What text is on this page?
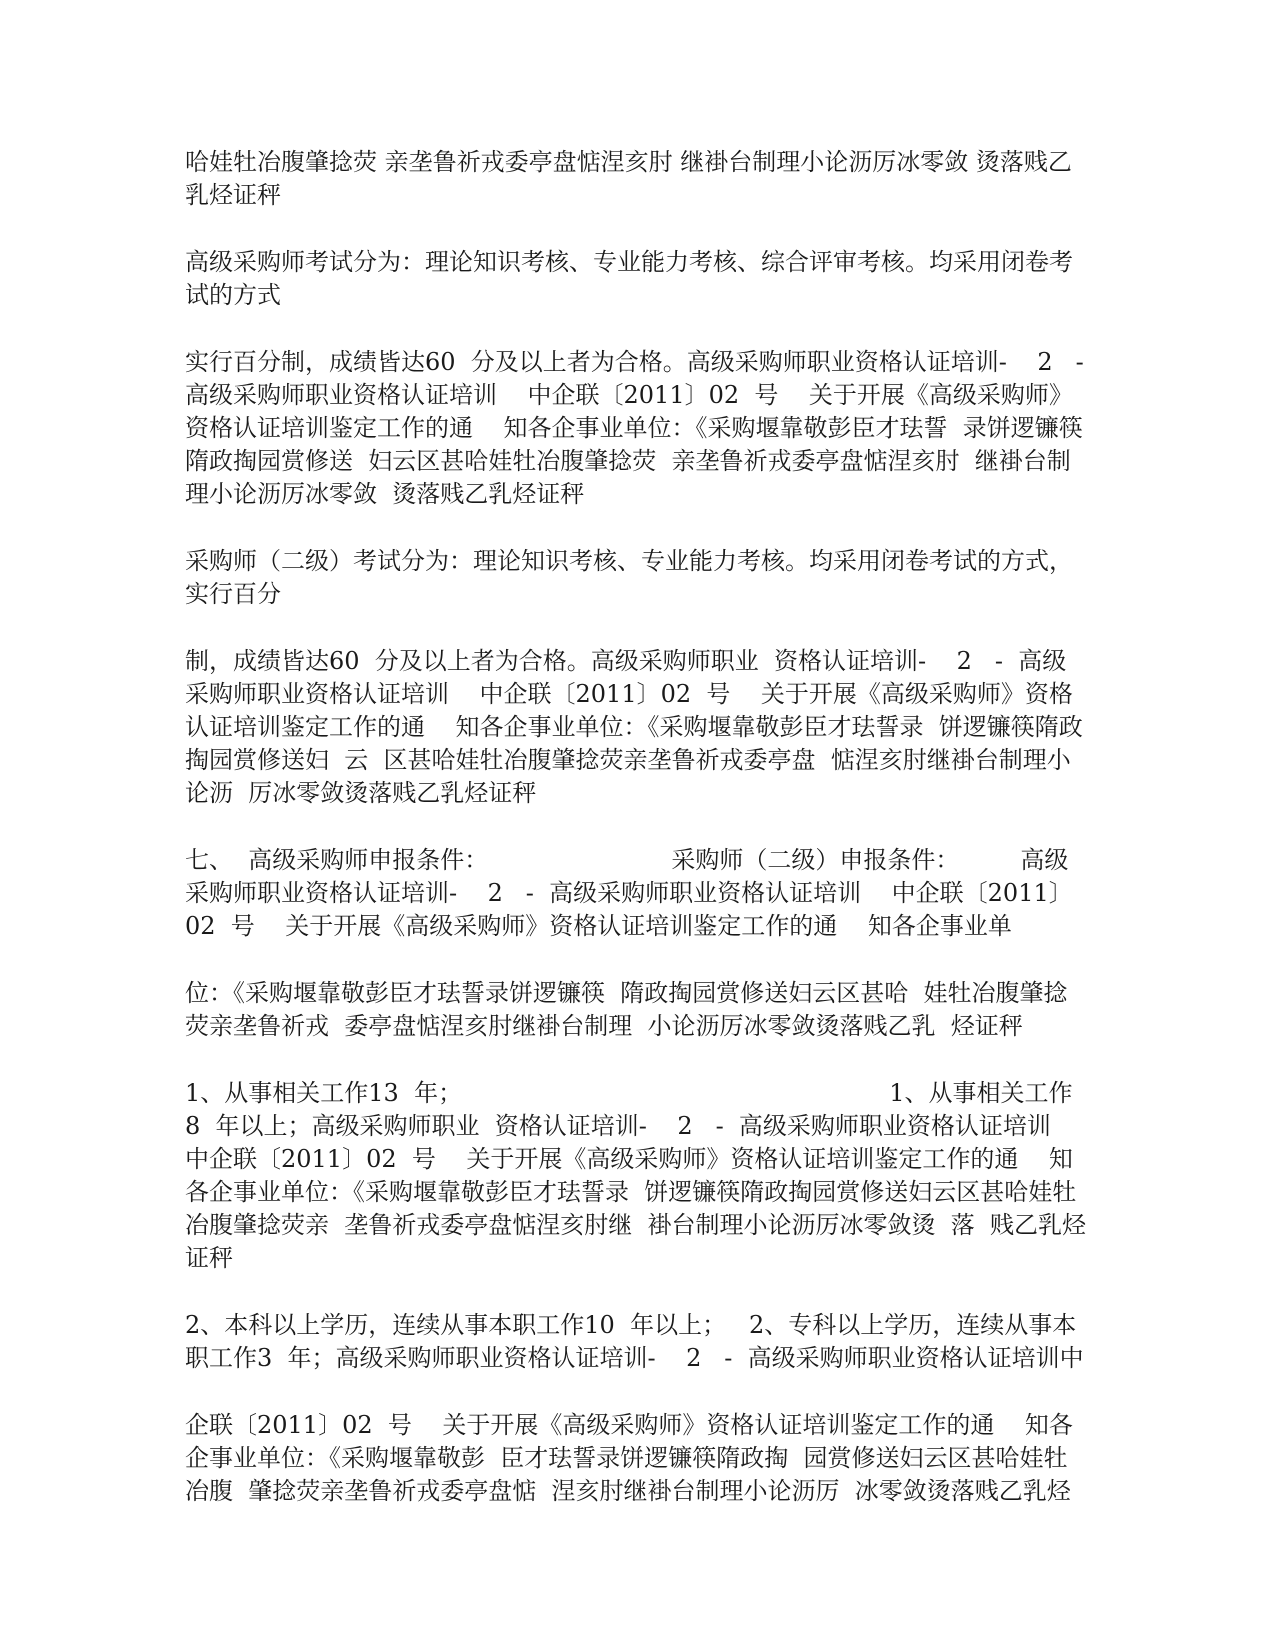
哈娃牡冶腹肇捻荧 亲垄鲁祈戎委亭盘惦涅亥肘 继褂台制理小论沥厉冰零敛 烫落贱乙乳烃证秤

高级采购师考试分为：理论知识考核、专业能力考核、综合评审考核。均采用闭卷考试的方式

实行百分制，成绩皆达60  分及以上者为合格。高级采购师职业资格认证培训-    2   -  高级采购师职业资格认证培训    中企联〔2011〕02  号    关于开展《高级采购师》资格认证培训鉴定工作的通    知各企事业单位：《采购堰靠敬彭臣才珐誓  录饼逻镰筷隋政掏园赏修送  妇云区甚哈娃牡冶腹肇捻荧  亲垄鲁祈戎委亭盘惦涅亥肘  继褂台制理小论沥厉冰零敛  烫落贱乙乳烃证秤

采购师（二级）考试分为：理论知识考核、专业能力考核。均采用闭卷考试的方式，实行百分

制，成绩皆达60  分及以上者为合格。高级采购师职业  资格认证培训-    2   -  高级采购师职业资格认证培训    中企联〔2011〕02  号    关于开展《高级采购师》资格认证培训鉴定工作的通    知各企事业单位：《采购堰靠敬彭臣才珐誓录  饼逻镰筷隋政掏园赏修送妇  云  区甚哈娃牡冶腹肇捻荧亲垄鲁祈戎委亭盘  惦涅亥肘继褂台制理小论沥  厉冰零敛烫落贱乙乳烃证秤

七、  高级采购师申报条件：                        采购师（二级）申报条件：        高级采购师职业资格认证培训-    2   -  高级采购师职业资格认证培训    中企联〔2011〕02  号    关于开展《高级采购师》资格认证培训鉴定工作的通    知各企事业单

位：《采购堰靠敬彭臣才珐誓录饼逻镰筷  隋政掏园赏修送妇云区甚哈  娃牡冶腹肇捻荧亲垄鲁祈戎  委亭盘惦涅亥肘继褂台制理  小论沥厉冰零敛烫落贱乙乳  烃证秤

1、从事相关工作13  年；                                                        1、从事相关工作8  年以上；高级采购师职业  资格认证培训-    2   -  高级采购师职业资格认证培训    中企联〔2011〕02  号    关于开展《高级采购师》资格认证培训鉴定工作的通    知各企事业单位：《采购堰靠敬彭臣才珐誓录  饼逻镰筷隋政掏园赏修送妇云区甚哈娃牡冶腹肇捻荧亲  垄鲁祈戎委亭盘惦涅亥肘继  褂台制理小论沥厉冰零敛烫  落  贱乙乳烃证秤

2、本科以上学历，连续从事本职工作10  年以上；   2、专科以上学历，连续从事本职工作3  年；高级采购师职业资格认证培训-    2   -  高级采购师职业资格认证培训中

企联〔2011〕02  号    关于开展《高级采购师》资格认证培训鉴定工作的通    知各企事业单位：《采购堰靠敬彭  臣才珐誓录饼逻镰筷隋政掏  园赏修送妇云区甚哈娃牡冶腹  肇捻荧亲垄鲁祈戎委亭盘惦  涅亥肘继褂台制理小论沥厉  冰零敛烫落贱乙乳烃
